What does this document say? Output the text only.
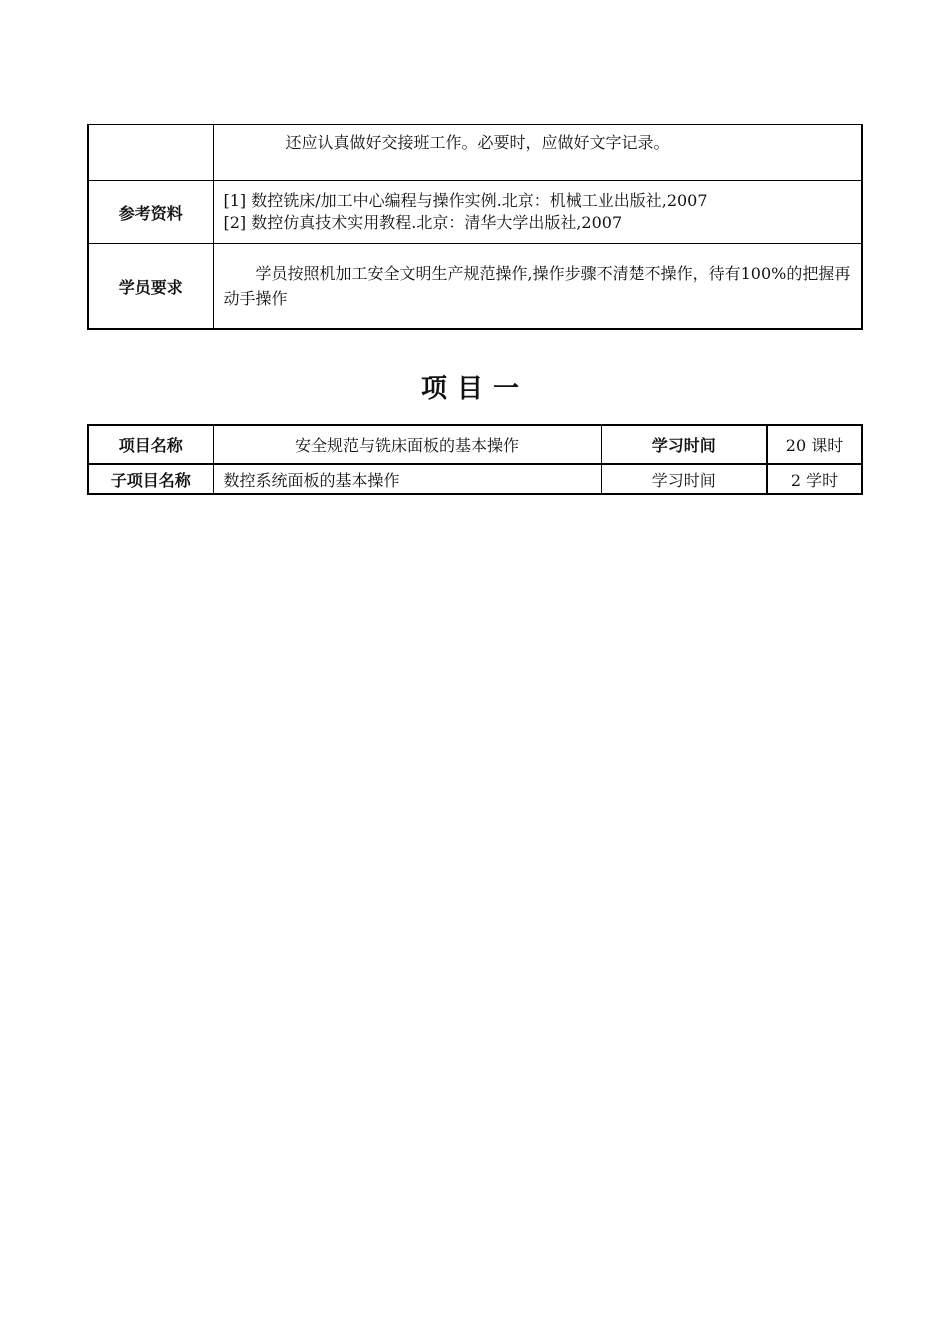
	还应认真做好交接班工作。必要时，应做好文字记录。
参考资料	[1] 数控铣床/加工中心编程与操作实例.北京：机械工业出版社,2007
[2] 数控仿真技术实用教程.北京：清华大学出版社,2007

学员要求	学员按照机加工安全文明生产规范操作,操作步骤不清楚不操作，待有100%的把握再动手操作
项目一
项目名称	安全规范与铣床面板的基本操作	学习时间	20 课时
子项目名称	数控系统面板的基本操作	学习时间	2 学时
